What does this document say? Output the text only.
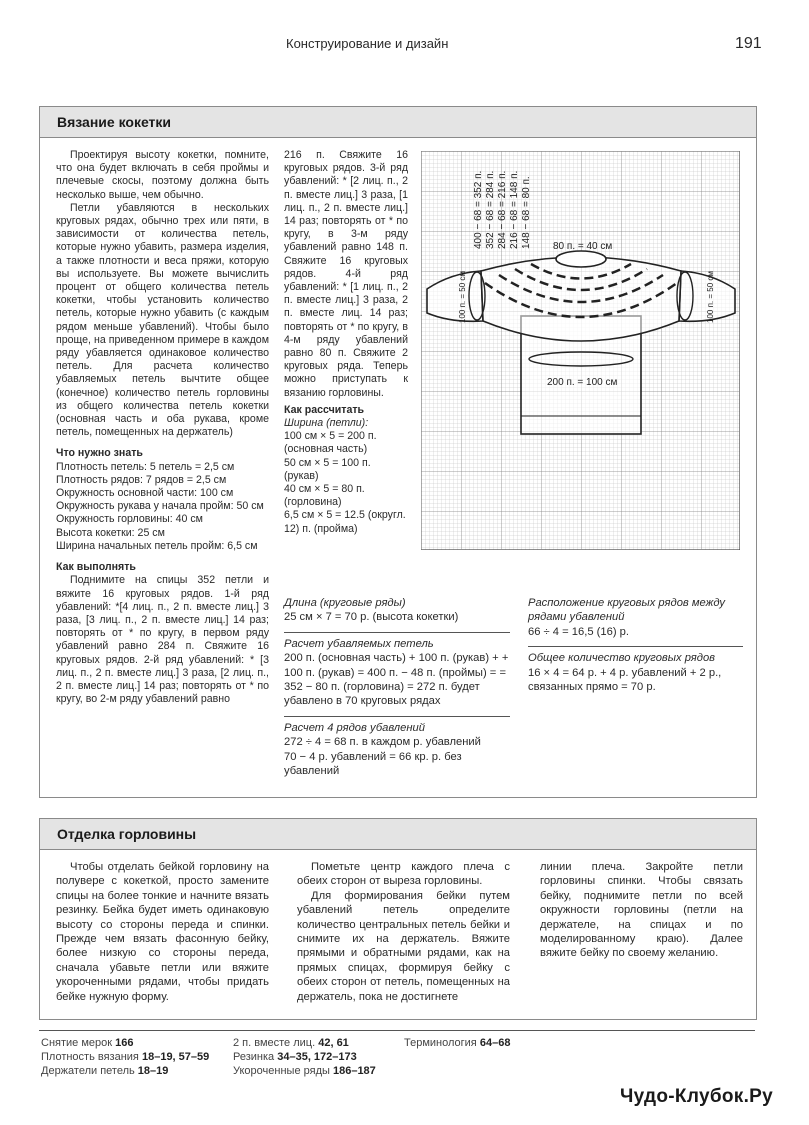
Конструирование и дизайн	191
Вязание кокетки

Проектируя высоту кокетки, помните, что она будет включать в себя проймы и плечевые скосы, поэтому должна быть несколько выше, чем обычно.

Петли убавляются в нескольких круговых рядах, обычно трех или пяти, в зависимости от количества петель, которые нужно убавить, размера изделия, а также плотности и веса пряжи, которую вы используете. Вы можете вычислить процент от общего количества петель кокетки, чтобы установить количество петель, которые нужно убавить (с каждым рядом меньше убавлений). Чтобы было проще, на приведенном примере в каждом ряду убавляется одинаковое количество петель. Для расчета количество убавляемых петель вычтите общее (конечное) количество петель горловины из общего количества петель кокетки (основная часть и оба рукава, кроме петель, помещенных на держатель)

Что нужно знать
Плотность петель: 5 петель = 2,5 см
Плотность рядов: 7 рядов = 2,5 см
Окружность основной части: 100 см
Окружность рукава у начала пройм: 50 см
Окружность горловины: 40 см
Высота кокетки: 25 см
Ширина начальных петель пройм: 6,5 см
Как выполнять

Поднимите на спицы 352 петли и вяжите 16 круговых рядов. 1-й ряд убавлений: *[4 лиц. п., 2 п. вместе лиц.] 3 раза, [3 лиц. п., 2 п. вместе лиц.] 14 раз; повторять от * по кругу, в первом ряду убавлений равно 284 п. Свяжите 16 круговых рядов. 2-й ряд убавлений: * [3 лиц. п., 2 п. вместе лиц.] 3 раза, [2 лиц. п., 2 п. вместе лиц.] 14 раз; повторять от * по кругу, во 2-м ряду убавлений равно

216 п. Свяжите 16 круговых рядов. 3-й ряд убавлений: * [2 лиц. п., 2 п. вместе лиц.] 3 раза, [1 лиц. п., 2 п. вместе лиц.] 14 раз; повторять от * по кругу, в 3-м ряду убавлений равно 148 п. Свяжите 16 круговых рядов. 4-й ряд убавлений: * [1 лиц. п., 2 п. вместе лиц.] 3 раза, 2 п. вместе лиц. 14 раз; повторять от * по кругу, в 4-м ряду убавлений равно 80 п. Свяжите 2 круговых ряда. Теперь можно приступать к вязанию горловины.

Как рассчитать
Ширина (петли):
100 см × 5 = 200 п.
(основная часть)
50 см × 5 = 100 п. (рукав)
40 см × 5 = 80 п. (горловина)
6,5 см × 5 = 12.5 (округл. 12) п. (пройма)
400 − 68 = 352 п. 352 − 68 = 284 п. 284 − 68 = 216 п. 216 − 68 = 148 п. 148 − 68 = 80 п. 80 п. = 40 см
200 п. = 100 см
100 п. = 50 см	100 п. = 50 см
Длина (круговые ряды)
25 см × 7 = 70 р. (высота кокетки)
Расчет убавляемых петель
200 п. (основная часть) + 100 п. (рукав) + + 100 п. (рукав) = 400 п. − 48 п. (проймы) = = 352 − 80 п. (горловина) = 272 п. будет убавлено в 70 круговых рядах
Расчет 4 рядов убавлений
272 ÷ 4 = 68 п. в каждом р. убавлений
70 − 4 р. убавлений = 66 кр. р. без убавлений
Расположение круговых рядов между рядами убавлений
66 ÷ 4 = 16,5 (16) р.
Общее количество круговых рядов
16 × 4 = 64 р. + 4 р. убавлений + 2 р., связанных прямо = 70 р.
Отделка горловины

Чтобы отделать бейкой горловину на полувере с кокеткой, просто замените спицы на более тонкие и начните вязать резинку. Бейка будет иметь одинаковую высоту со стороны переда и спинки. Прежде чем вязать фасонную бейку, более низкую со стороны переда, сначала убавьте петли или вяжите укороченными рядами, чтобы придать бейке нужную форму.

Пометьте центр каждого плеча с обеих сторон от выреза горловины.

Для формирования бейки путем убавлений петель определите количество центральных петель бейки и снимите их на держатель. Вяжите прямыми и обратными рядами, как на прямых спицах, формируя бейку с обеих сторон от петель, помещенных на держатель, пока не достигнете

линии плеча. Закройте петли горловины спинки. Чтобы связать бейку, поднимите петли по всей окружности горловины (петли на держателе, на спицах и по моделированному краю). Далее вяжите бейку по своему желанию.

Снятие мерок 166
Плотность вязания 18–19, 57–59
Держатели петель 18–19
2 п. вместе лиц. 42, 61
Резинка 34–35, 172–173
Укороченные ряды 186–187
Терминология 64–68
Чудо-Клубок.Ру
